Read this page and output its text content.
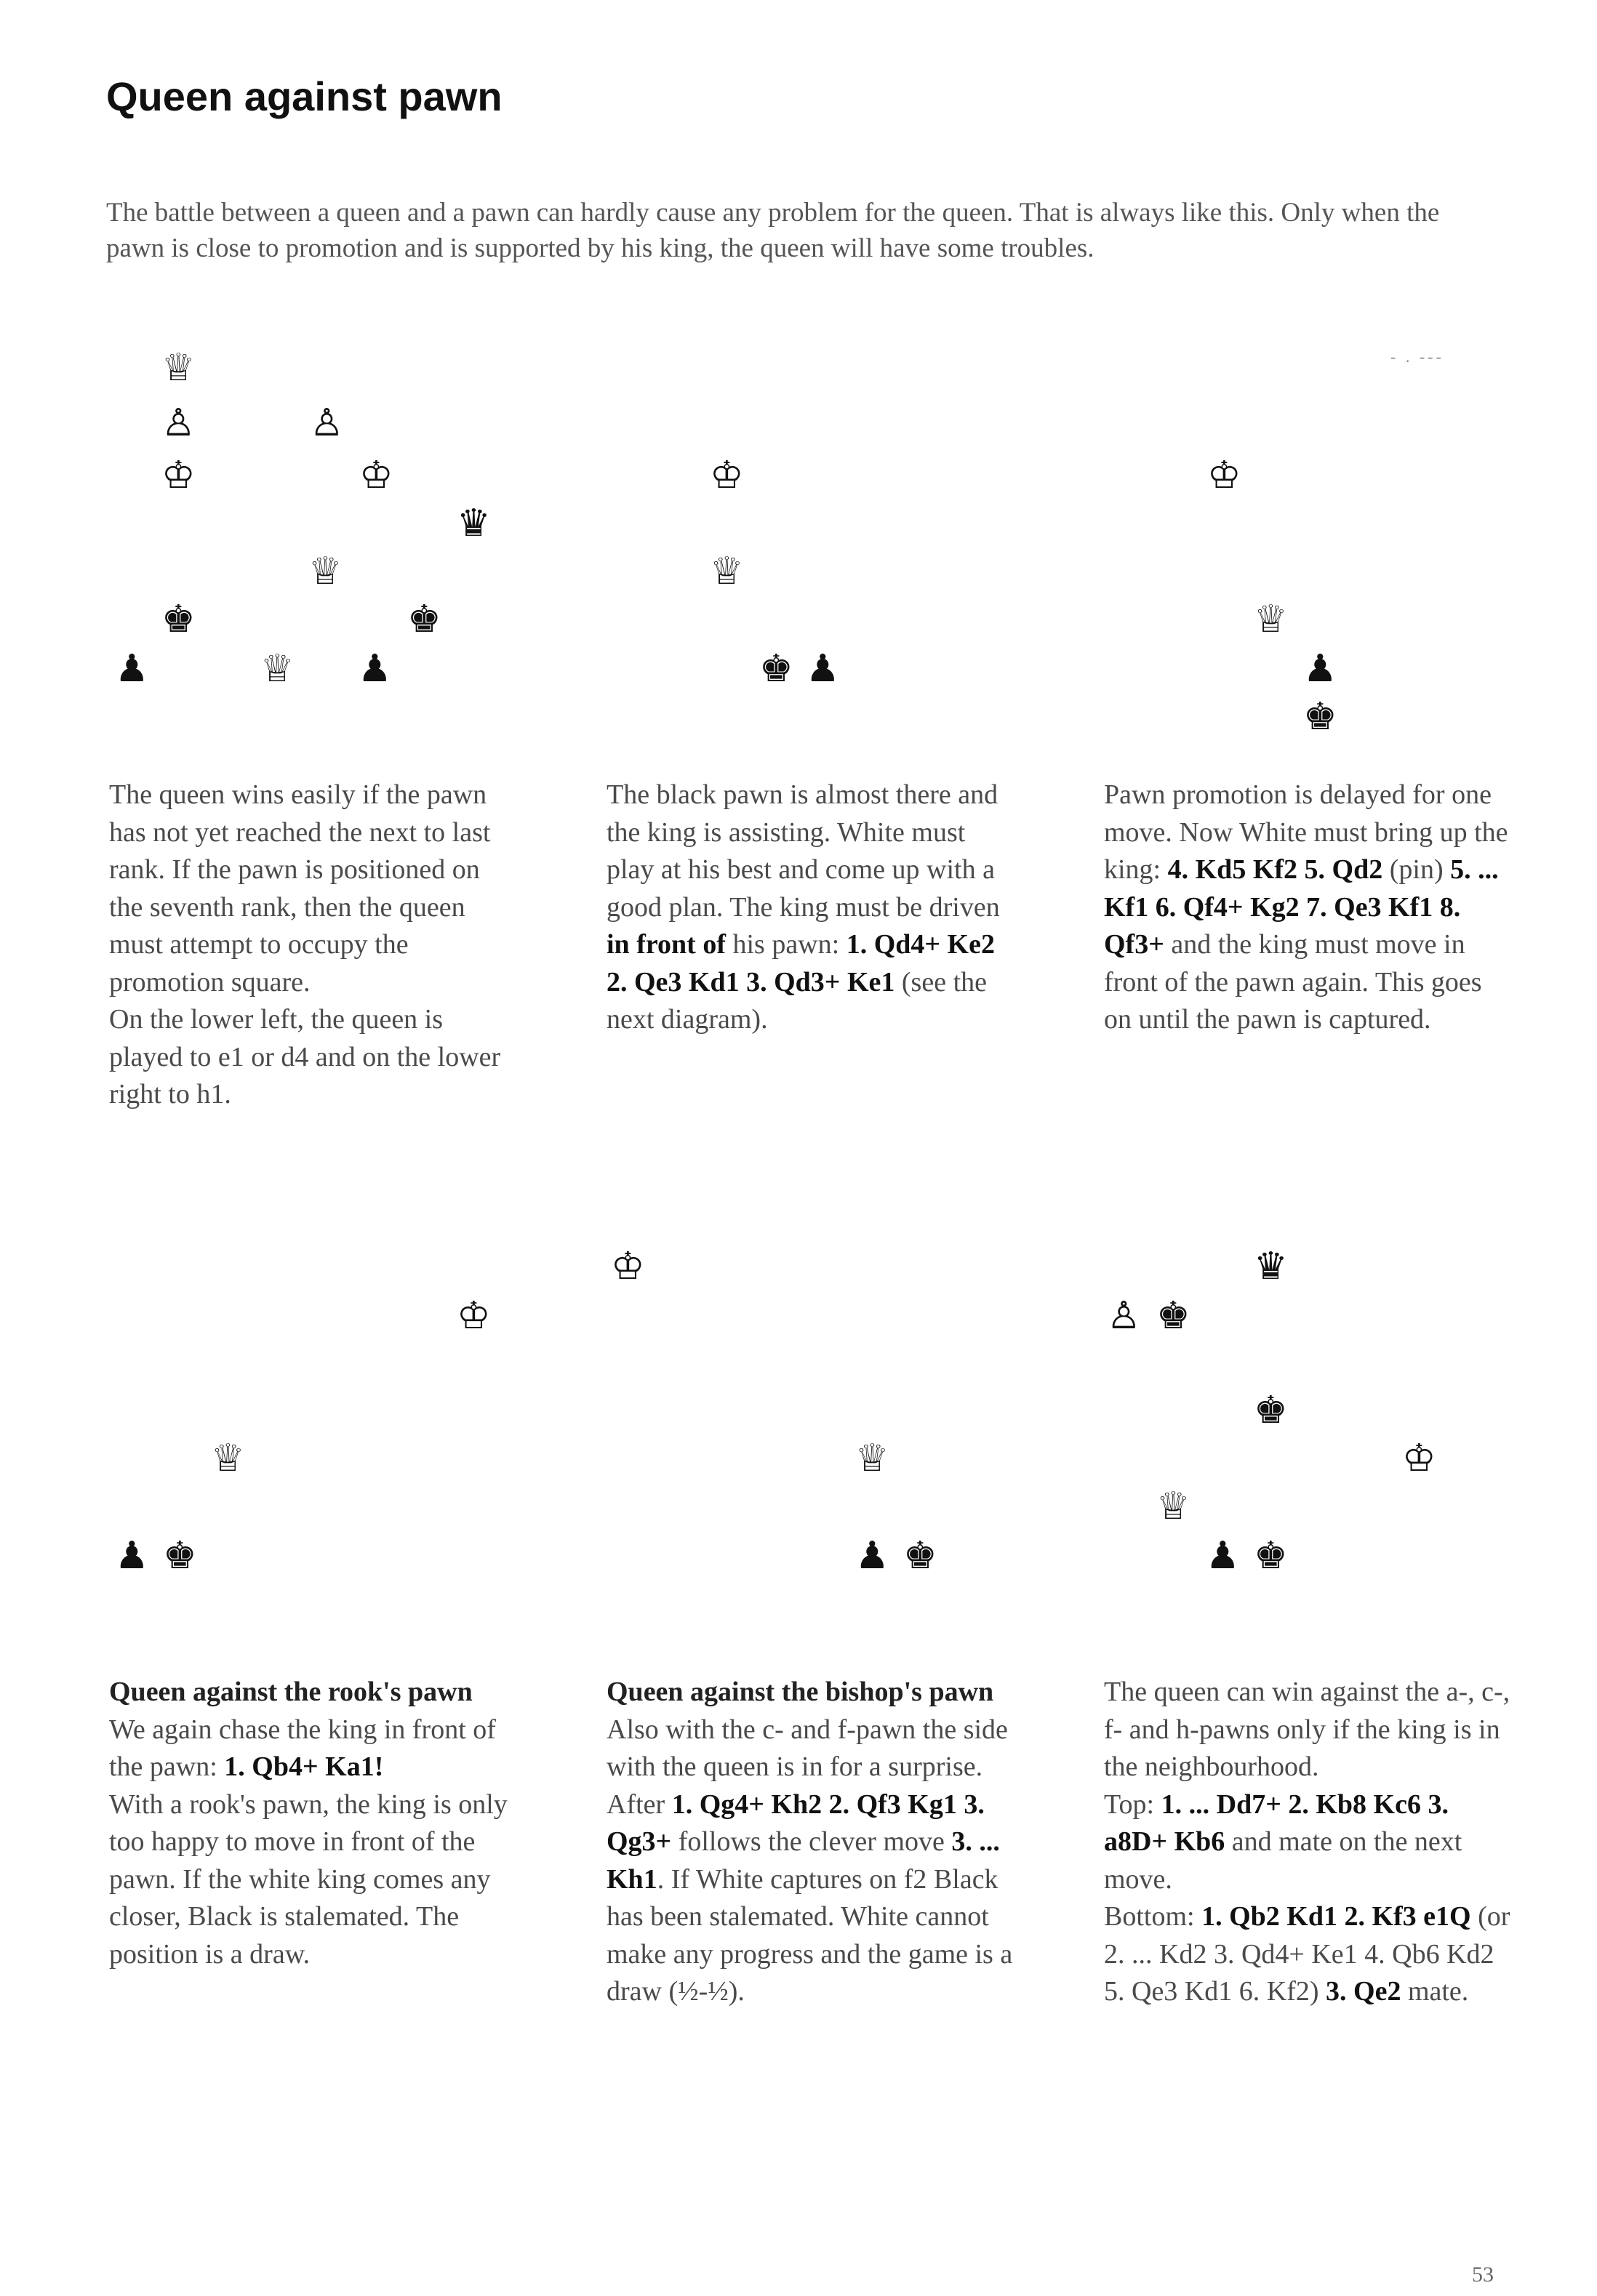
Queen against pawn
The battle between a queen and a pawn can hardly cause any problem for the queen. That is always like this. Only when the pawn is close to promotion and is supported by his king, the queen will have some troubles.
- . ---
♕
♙	♙
♔	♔
♛
♕
♚	♚
♟	♕ ♟
♔
♕
♚ ♟
♔
♕
♟
♚
♔
♕
♟ ♚
♔
♕
♟ ♚
♛
♙ ♚
♚
♔
♕
♟ ♚

The queen wins easily if the pawn has not yet reached the next to last rank. If the pawn is positioned on the seventh rank, then the queen must attempt to occupy the promotion square.

On the lower left, the queen is played to e1 or d4 and on the lower right to h1.

The black pawn is almost there and the king is assisting. White must play at his best and come up with a good plan. The king must be driven in front of his pawn: 1. Qd4+ Ke2 2. Qe3 Kd1 3. Qd3+ Ke1 (see the next diagram).
Pawn promotion is delayed for one move. Now White must bring up the king: 4. Kd5 Kf2 5. Qd2 (pin) 5. ... Kf1 6. Qf4+ Kg2 7. Qe3 Kf1 8. Qf3+ and the king must move in front of the pawn again. This goes on until the pawn is captured.

Queen against the rook's pawn

We again chase the king in front of the pawn: 1. Qb4+ Ka1!

With a rook's pawn, the king is only too happy to move in front of the pawn. If the white king comes any closer, Black is stalemated. The position is a draw.

Queen against the bishop's pawn

Also with the c- and f-pawn the side with the queen is in for a surprise. After 1. Qg4+ Kh2 2. Qf3 Kg1 3. Qg3+ follows the clever move 3. ... Kh1. If White captures on f2 Black has been stalemated. White cannot make any progress and the game is a draw (½-½).

The queen can win against the a-, c-, f- and h-pawns only if the king is in the neighbourhood.

Top: 1. ... Dd7+ 2. Kb8 Kc6 3. a8D+ Kb6 and mate on the next move.

Bottom: 1. Qb2 Kd1 2. Kf3 e1Q (or 2. ... Kd2 3. Qd4+ Ke1 4. Qb6 Kd2 5. Qe3 Kd1 6. Kf2) 3. Qe2 mate.

53
